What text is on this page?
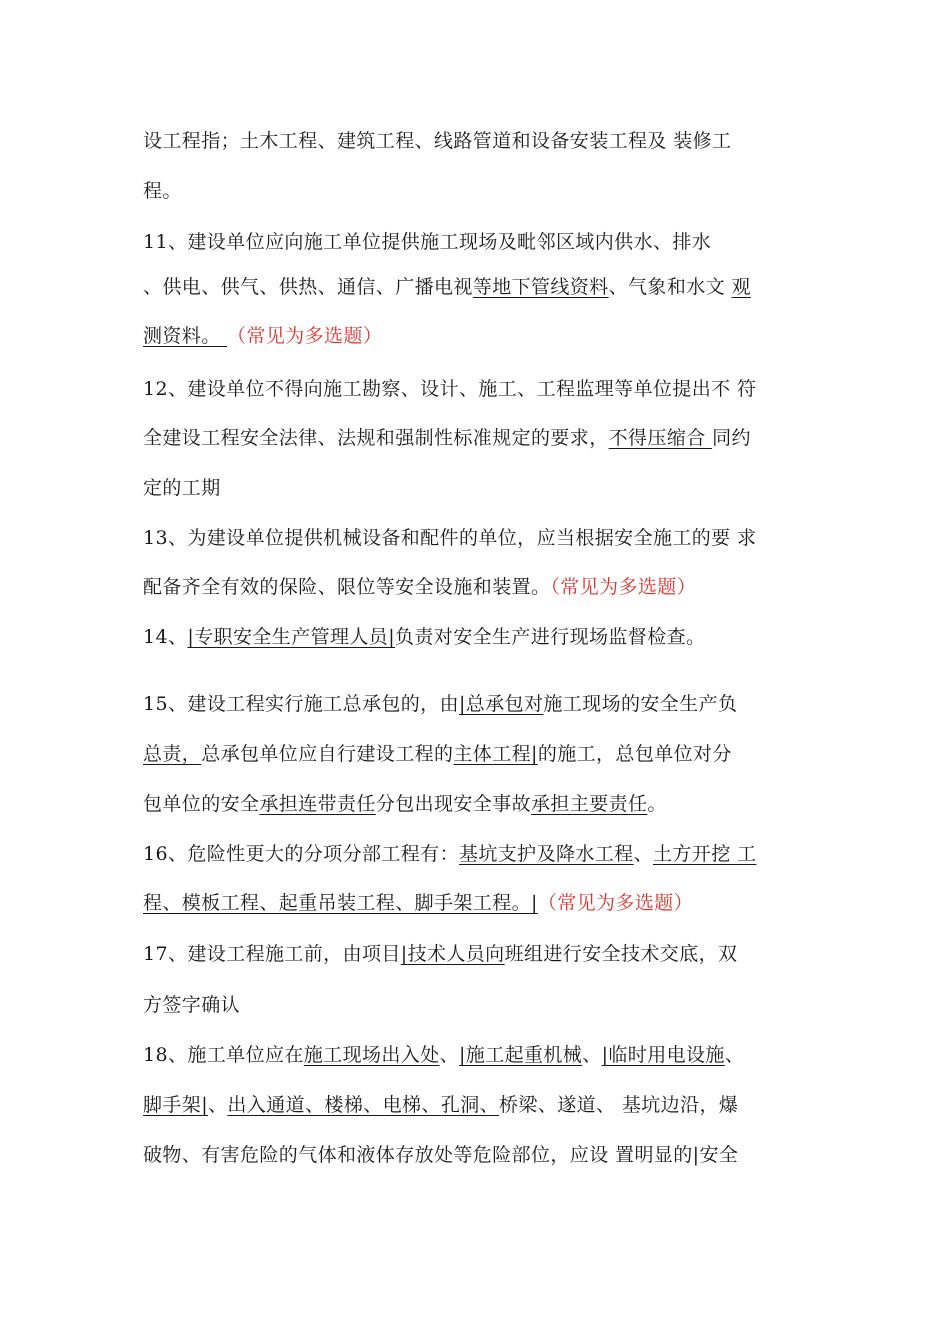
设工程指；土木工程、建筑工程、线路管道和设备安装工程及 装修工
程。
11、建设单位应向施工单位提供施工现场及毗邻区域内供水、排水
、供电、供气、供热、通信、广播电视等地下管线资料、气象和水文 观
测资料。 （常见为多选题）
12、建设单位不得向施工勘察、设计、施工、工程监理等单位提出不 符
全建设工程安全法律、法规和强制性标准规定的要求，不得压缩合 同约
定的工期
13、为建设单位提供机械设备和配件的单位，应当根据安全施工的要 求
配备齐全有效的保险、限位等安全设施和装置。（常见为多选题）
14、|专职安全生产管理人员|负责对安全生产进行现场监督检查。
15、建设工程实行施工总承包的，由|总承包对施工现场的安全生产负
总责，总承包单位应自行建设工程的主体工程|的施工，总包单位对分
包单位的安全承担连带责任分包出现安全事故承担主要责任。
16、危险性更大的分项分部工程有：基坑支护及降水工程、土方开挖 工
程、模板工程、起重吊装工程、脚手架工程。|（常见为多选题）
17、建设工程施工前，由项目|技术人员向班组进行安全技术交底，双
方签字确认
18、施工单位应在施工现场出入处、|施工起重机械、|临时用电设施、
脚手架|、出入通道、楼梯、电梯、孔洞、桥梁、遂道、 基坑边沿，爆
破物、有害危险的气体和液体存放处等危险部位，应设 置明显的|安全
